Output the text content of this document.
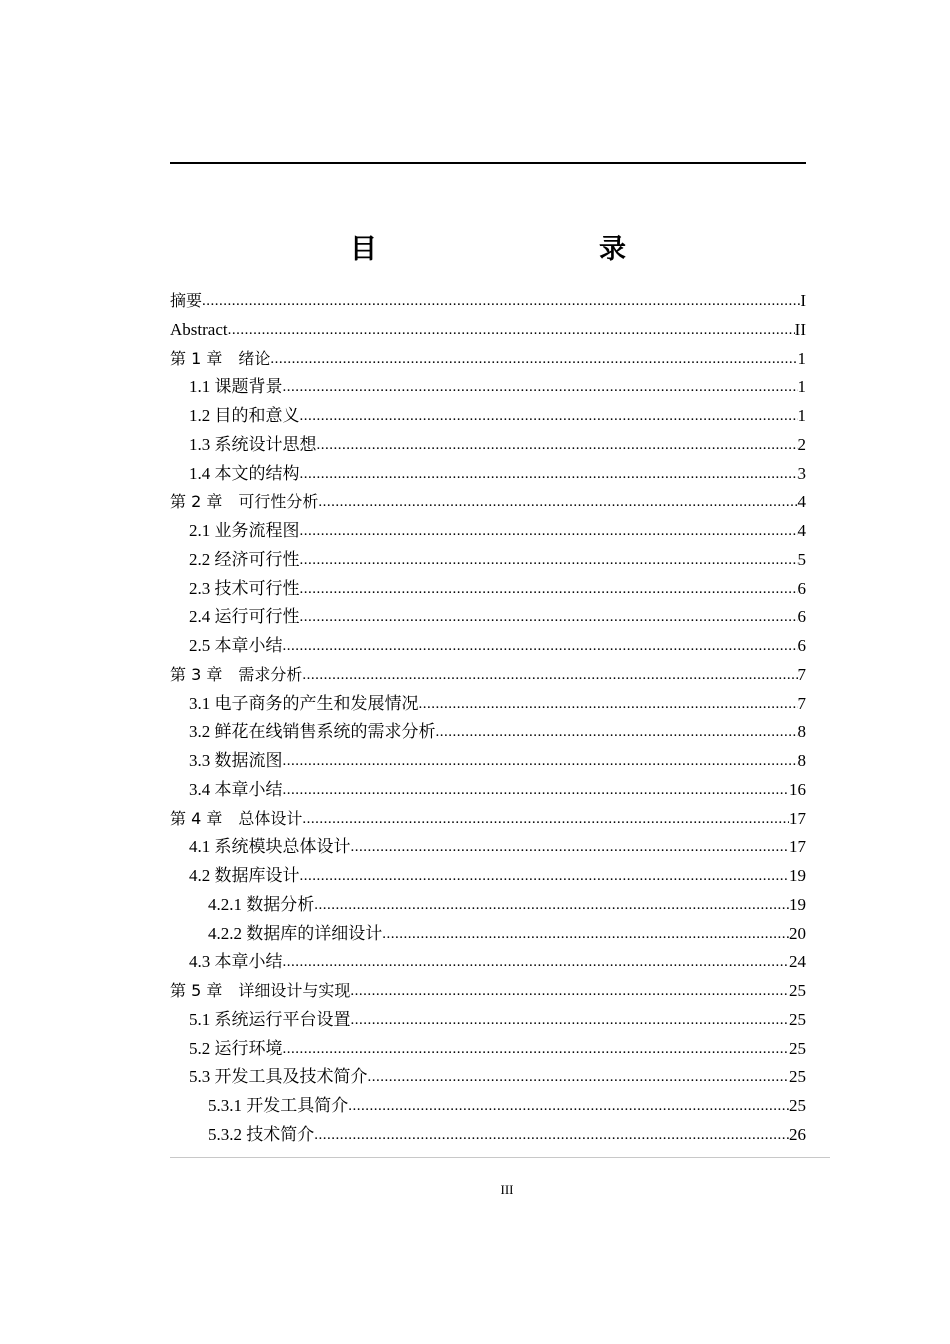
目　　录
摘要 .....	I
Abstract .....	II
第 1 章　绪论 .....	1
1.1 课题背景 .....	1
1.2 目的和意义 .....	1
1.3 系统设计思想 .....	2
1.4 本文的结构 .....	3
第 2 章　可行性分析 .....	4
2.1 业务流程图 .....	4
2.2 经济可行性 .....	5
2.3 技术可行性 .....	6
2.4 运行可行性 .....	6
2.5 本章小结 .....	6
第 3 章　需求分析 .....	7
3.1 电子商务的产生和发展情况 .....	7
3.2 鲜花在线销售系统的需求分析 .....	8
3.3 数据流图 .....	8
3.4 本章小结 .....	16
第 4 章　总体设计 .....	17
4.1 系统模块总体设计 .....	17
4.2 数据库设计 .....	19
4.2.1 数据分析 .....	19
4.2.2 数据库的详细设计 .....	20
4.3 本章小结 .....	24
第 5 章　详细设计与实现 .....	25
5.1 系统运行平台设置 .....	25
5.2 运行环境 .....	25
5.3 开发工具及技术简介 .....	25
5.3.1 开发工具简介 .....	25
5.3.2 技术简介 .....	26
III
